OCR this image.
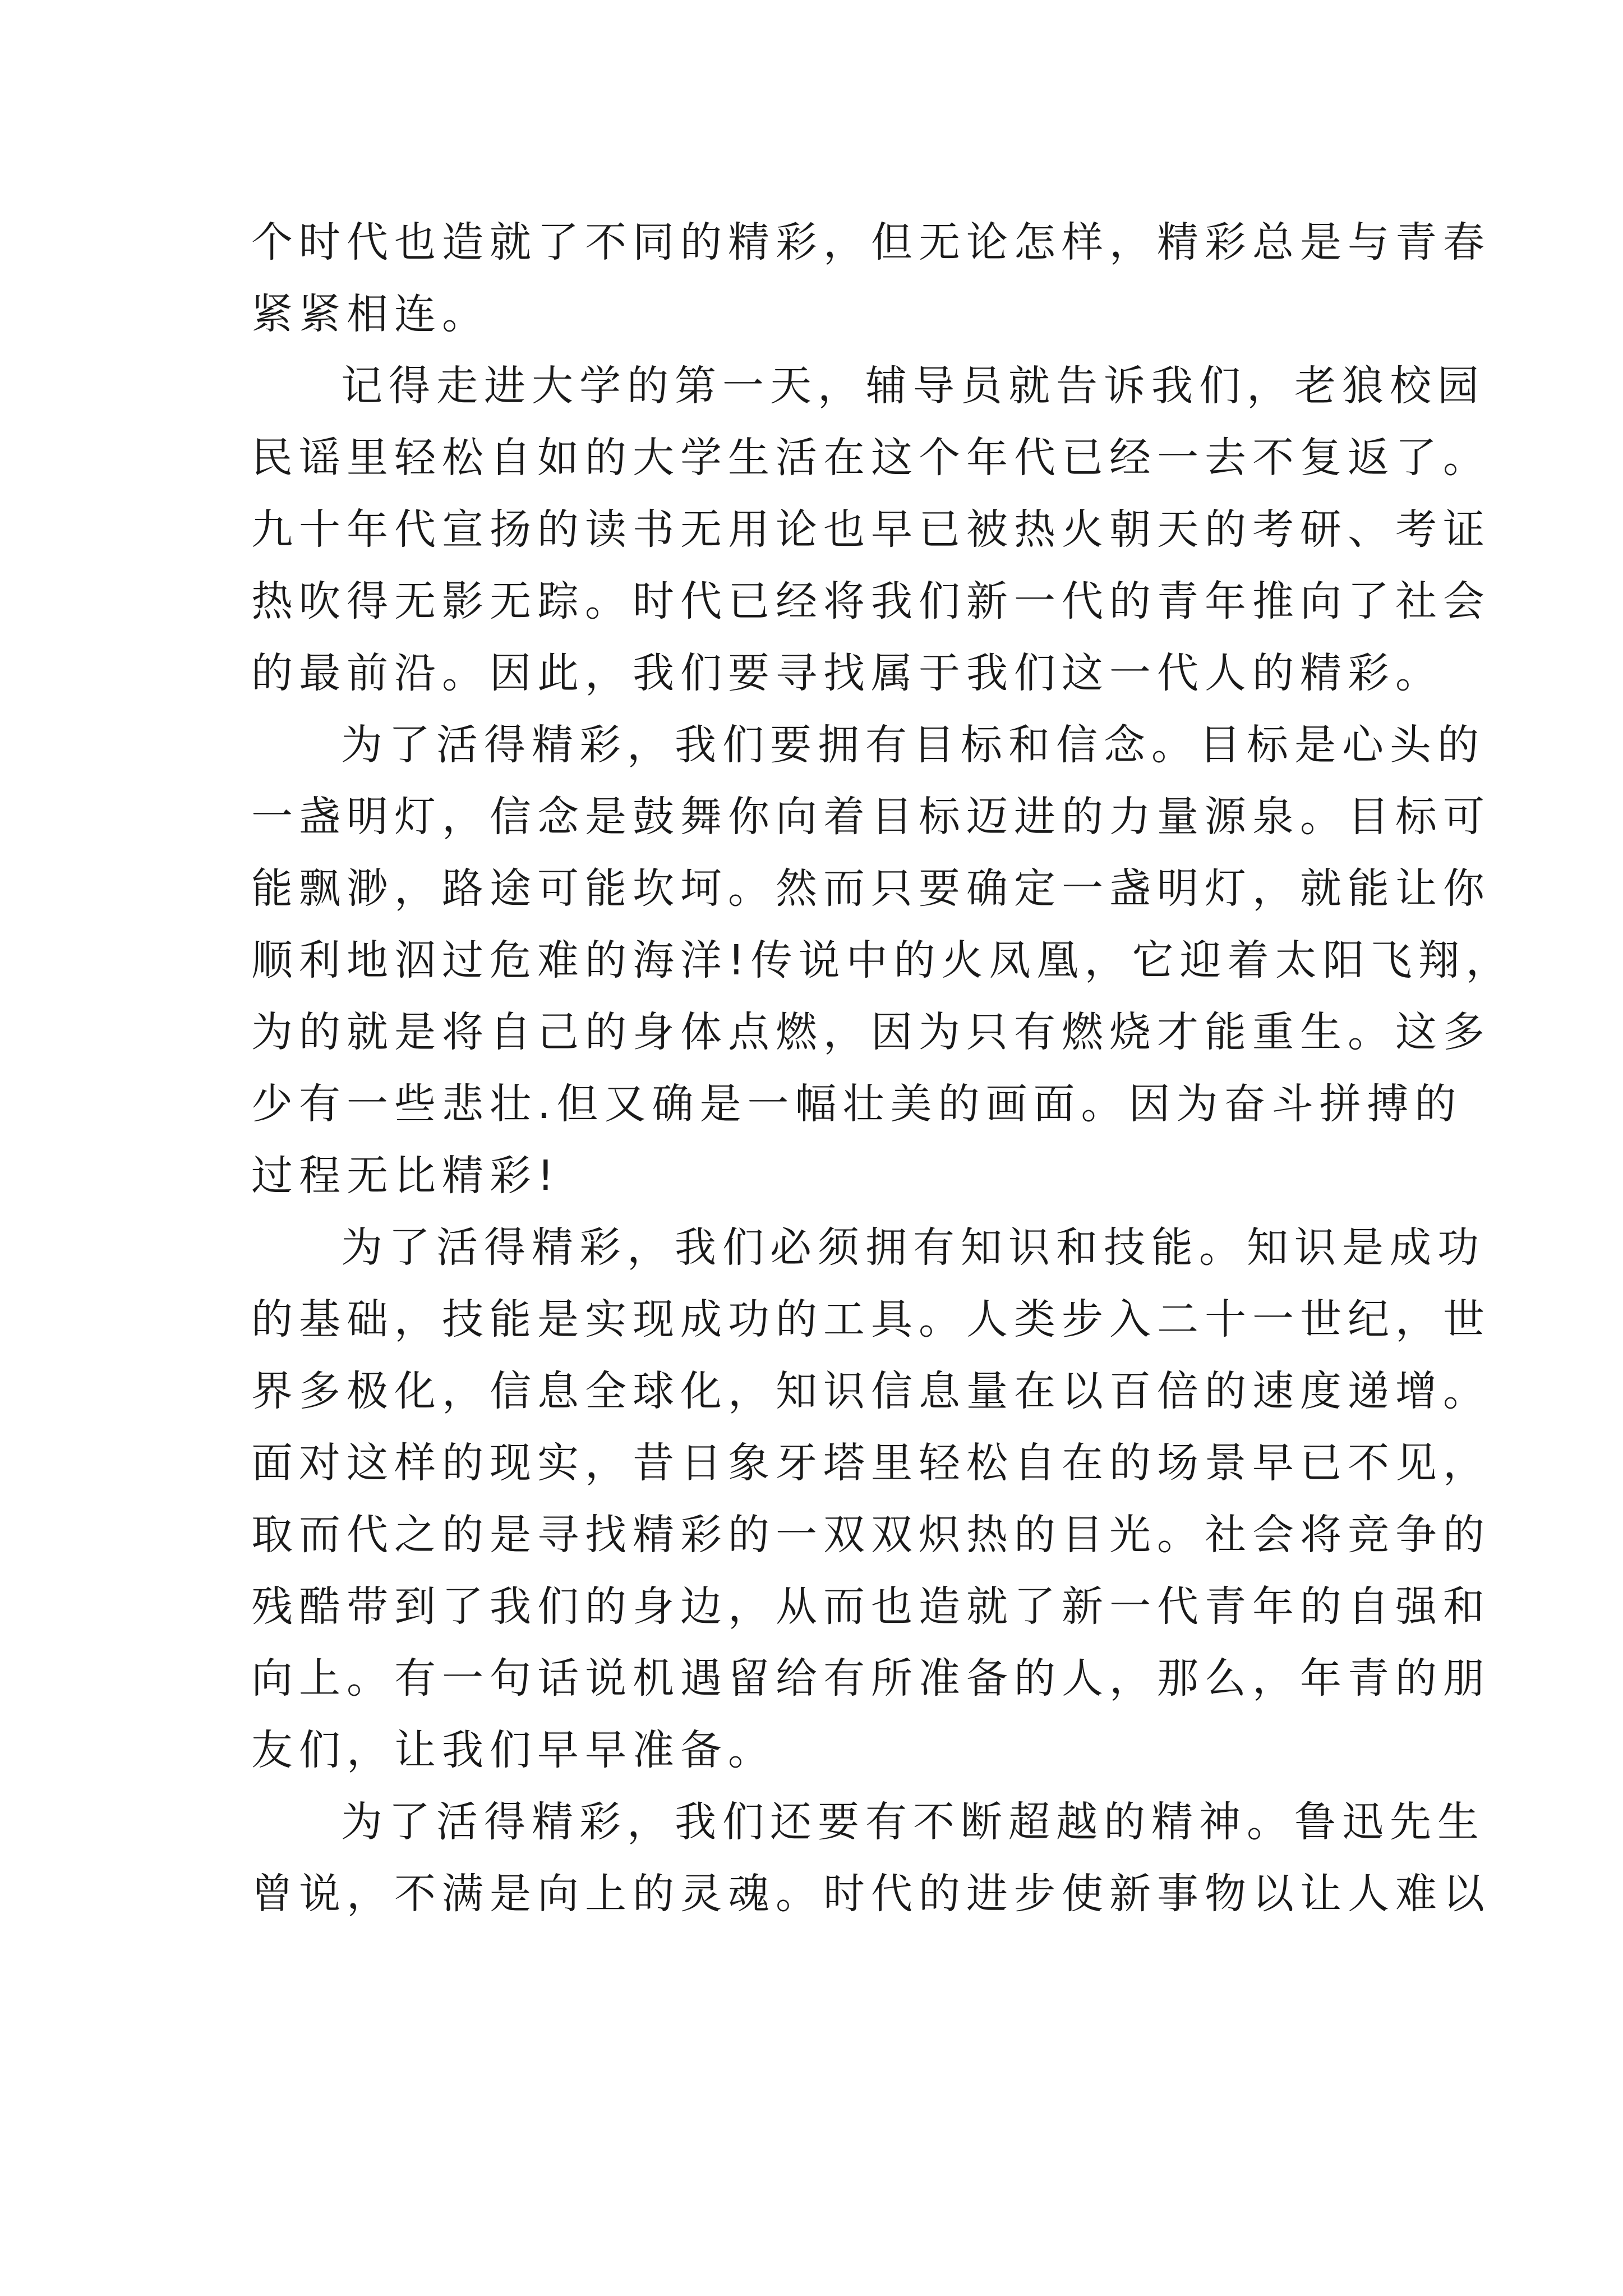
个时代也造就了不同的精彩，但无论怎样，精彩总是与青春
紧紧相连。
记得走进大学的第一天，辅导员就告诉我们，老狼校园
民谣里轻松自如的大学生活在这个年代已经一去不复返了。
九十年代宣扬的读书无用论也早已被热火朝天的考研、考证
热吹得无影无踪。时代已经将我们新一代的青年推向了社会
的最前沿。因此，我们要寻找属于我们这一代人的精彩。
为了活得精彩，我们要拥有目标和信念。目标是心头的
一盏明灯，信念是鼓舞你向着目标迈进的力量源泉。目标可
能飘渺，路途可能坎坷。然而只要确定一盏明灯，就能让你
顺利地泅过危难的海洋!传说中的火凤凰，它迎着太阳飞翔，
为的就是将自己的身体点燃，因为只有燃烧才能重生。这多
少有一些悲壮.但又确是一幅壮美的画面。因为奋斗拼搏的
过程无比精彩!
为了活得精彩，我们必须拥有知识和技能。知识是成功
的基础，技能是实现成功的工具。人类步入二十一世纪，世
界多极化，信息全球化，知识信息量在以百倍的速度递增。
面对这样的现实，昔日象牙塔里轻松自在的场景早已不见，
取而代之的是寻找精彩的一双双炽热的目光。社会将竞争的
残酷带到了我们的身边，从而也造就了新一代青年的自强和
向上。有一句话说机遇留给有所准备的人，那么，年青的朋
友们，让我们早早准备。
为了活得精彩，我们还要有不断超越的精神。鲁迅先生
曾说，不满是向上的灵魂。时代的进步使新事物以让人难以
